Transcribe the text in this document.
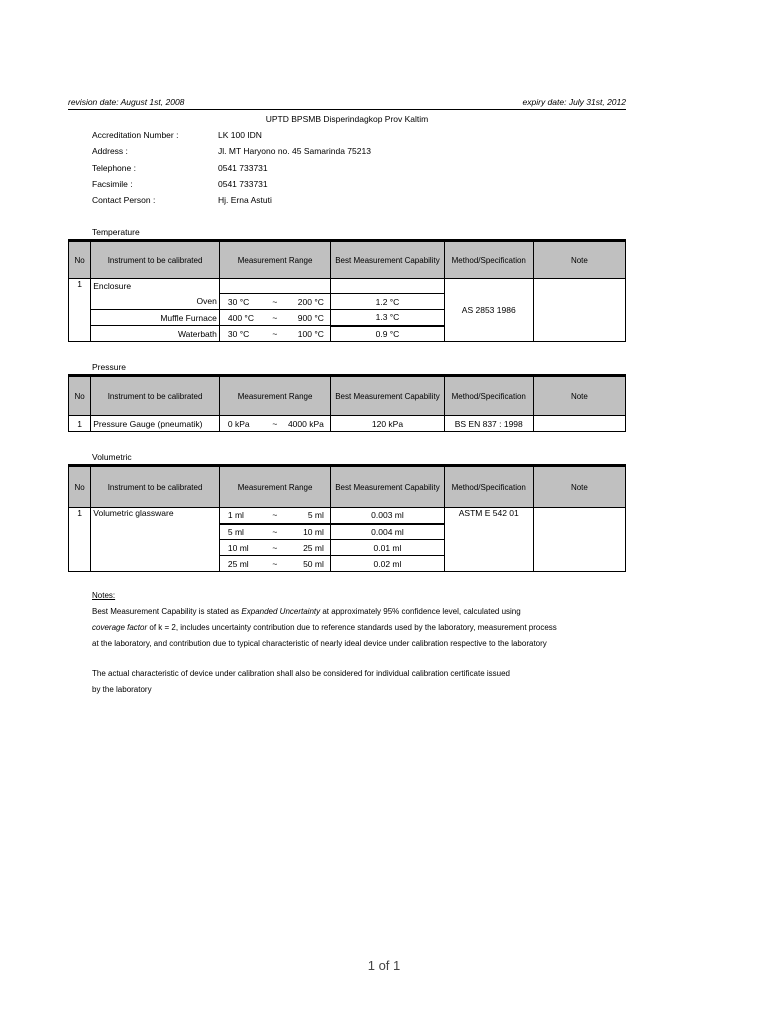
revision date: August 1st, 2008	expiry date: July 31st, 2012
UPTD BPSMB Disperindagkop Prov Kaltim
Accreditation Number :	LK 100 IDN
Address :	Jl. MT Haryono no. 45 Samarinda 75213
Telephone :	0541 733731
Facsimile :	0541 733731
Contact Person :	Hj. Erna Astuti
Temperature
No	Instrument to be calibrated	Measurement Range	Best Measurement Capability	Method/Specification	Note
1	Enclosure			AS 2853 1986	
	Oven	30 °C ~ 200 °C	1.2 °C		
	Muffle Furnace	400 °C ~ 900 °C	1.3 °C		
	Waterbath	30 °C ~ 100 °C	0.9 °C		
Pressure
No	Instrument to be calibrated	Measurement Range	Best Measurement Capability	Method/Specification	Note
1	Pressure Gauge (pneumatik)	0 kPa ~ 4000 kPa	120 kPa	BS EN 837 : 1998	
Volumetric
No	Instrument to be calibrated	Measurement Range	Best Measurement Capability	Method/Specification	Note
1	Volumetric glassware	1 ml ~ 5 ml	0.003 ml	ASTM E 542 01	

		5 ml ~ 10 ml	0.004 ml		

		10 ml ~ 25 ml	0.01 ml		

		25 ml ~ 50 ml	0.02 ml		
Notes:
Best Measurement Capability is stated as Expanded Uncertainty at approximately 95% confidence level, calculated using
coverage factor of k = 2, includes uncertainty contribution due to reference standards used by the laboratory, measurement process
at the laboratory, and contribution due to typical characteristic of nearly ideal device under calibration respective to the laboratory
The actual characteristic of device under calibration shall also be considered for individual calibration certificate issued
by the laboratory
1 of 1
